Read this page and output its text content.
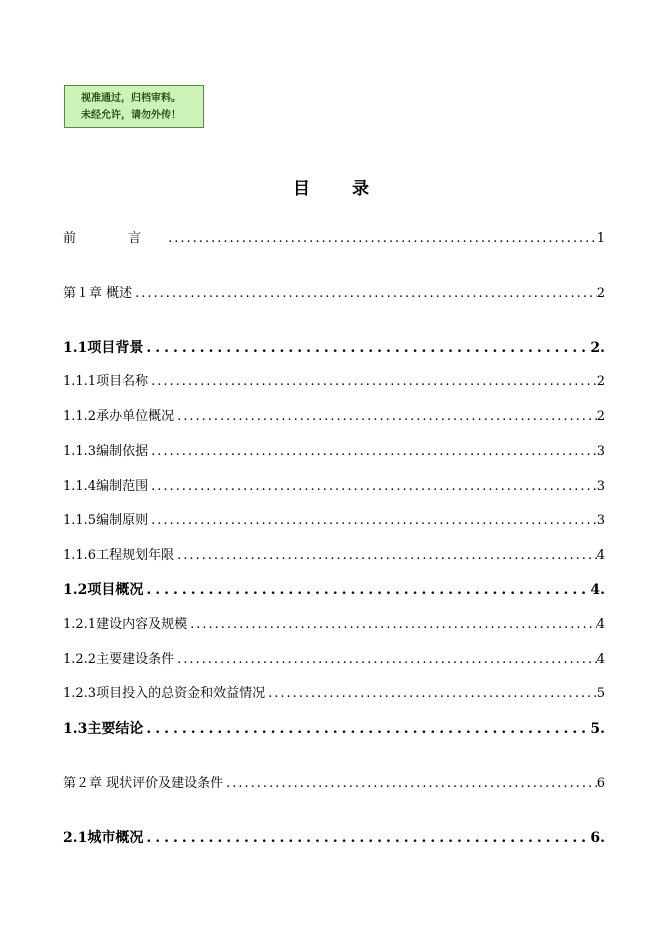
视准通过，归档审料。
未经允许，请勿外传！
目录
前 言 .....	1
第１章 概述 .....	2
1.1项目背景 .....	2.
1.1.1项目名称 .....	2
1.1.2承办单位概况 .....	2
1.1.3编制依据 .....	3
1.1.4编制范围 .....	3
1.1.5编制原则 .....	3
1.1.6工程规划年限 .....	4
1.2项目概况 .....	4.
1.2.1建设内容及规模 .....	4
1.2.2主要建设条件 .....	4
1.2.3项目投入的总资金和效益情况 .....	5
1.3主要结论 .....	5.
第２章 现状评价及建设条件 .....	6
2.1城市概况 .....	6.
